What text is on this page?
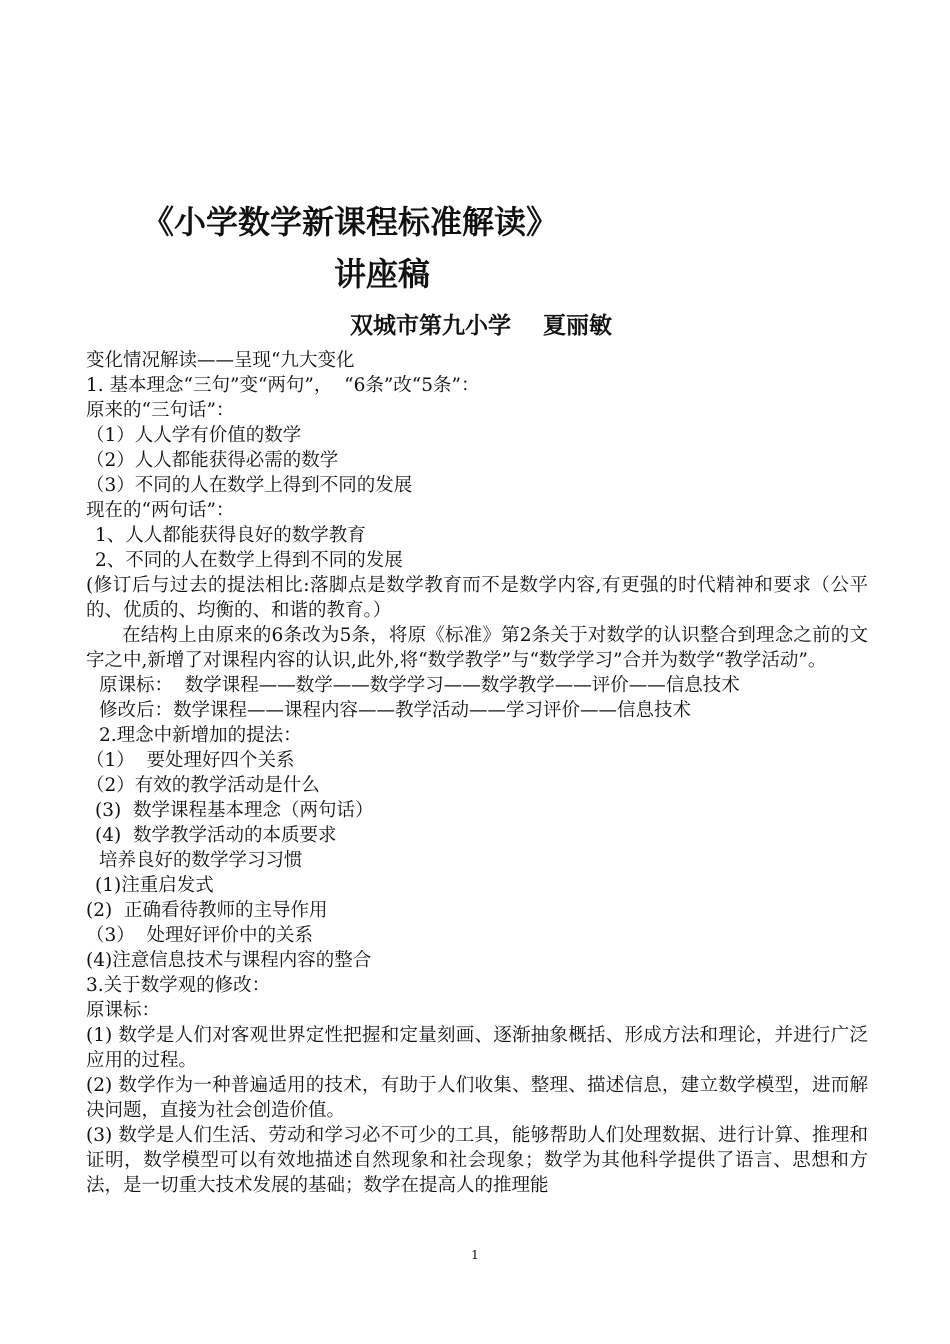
《小学数学新课程标准解读》
讲座稿
双城市第九小学    夏丽敏
变化情况解读——呈现“九大变化
1. 基本理念“三句”变“两句”，  “6条”改“5条”：
原来的“三句话”：
（1）人人学有价值的数学
（2）人人都能获得必需的数学
（3）不同的人在数学上得到不同的发展
现在的“两句话”：
1、人人都能获得良好的数学教育
2、不同的人在数学上得到不同的发展
(修订后与过去的提法相比:落脚点是数学教育而不是数学内容,有更强的时代精神和要求（公平的、优质的、均衡的、和谐的教育。）
在结构上由原来的6条改为5条，将原《标准》第2条关于对数学的认识整合到理念之前的文字之中,新增了对课程内容的认识,此外,将“数学教学”与“数学学习”合并为数学“教学活动”。
原课标：  数学课程——数学——数学学习——数学教学——评价——信息技术
修改后：数学课程——课程内容——教学活动——学习评价——信息技术
2.理念中新增加的提法：
（1）  要处理好四个关系
（2）有效的教学活动是什么
(3)  数学课程基本理念（两句话）
(4)  数学教学活动的本质要求
培养良好的数学学习习惯
(1)注重启发式
(2)  正确看待教师的主导作用
（3）  处理好评价中的关系
(4)注意信息技术与课程内容的整合
3.关于数学观的修改：
原课标：
(1) 数学是人们对客观世界定性把握和定量刻画、逐渐抽象概括、形成方法和理论，并进行广泛应用的过程。
(2) 数学作为一种普遍适用的技术，有助于人们收集、整理、描述信息，建立数学模型，进而解决问题，直接为社会创造价值。
(3) 数学是人们生活、劳动和学习必不可少的工具，能够帮助人们处理数据、进行计算、推理和证明，数学模型可以有效地描述自然现象和社会现象；数学为其他科学提供了语言、思想和方法，是一切重大技术发展的基础；数学在提高人的推理能
1
